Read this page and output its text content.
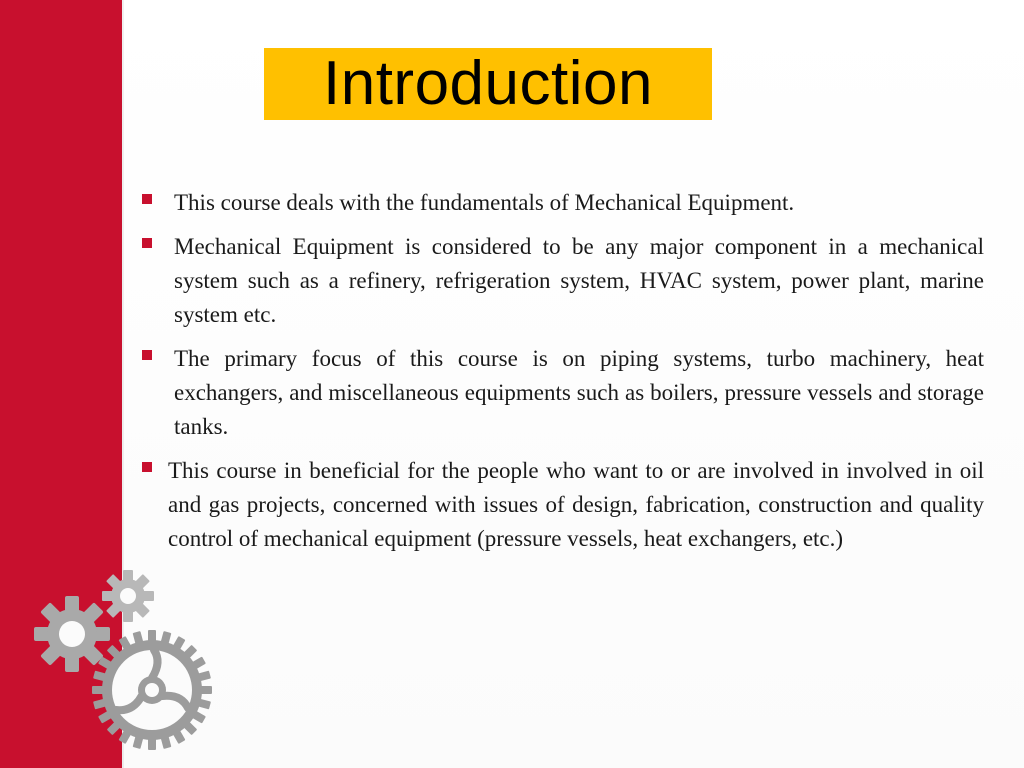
Introduction
This course deals with the fundamentals of Mechanical Equipment.
Mechanical Equipment is considered to be any major component in a mechanical system such as a refinery, refrigeration system, HVAC system, power plant, marine system etc.
The primary focus of this course is on piping systems, turbo machinery, heat exchangers, and miscellaneous equipments such as boilers, pressure vessels and storage tanks.
This course in beneficial for the people who want to or are involved in involved in oil and gas projects, concerned with issues of design, fabrication, construction and quality control of mechanical equipment (pressure vessels, heat exchangers, etc.)
